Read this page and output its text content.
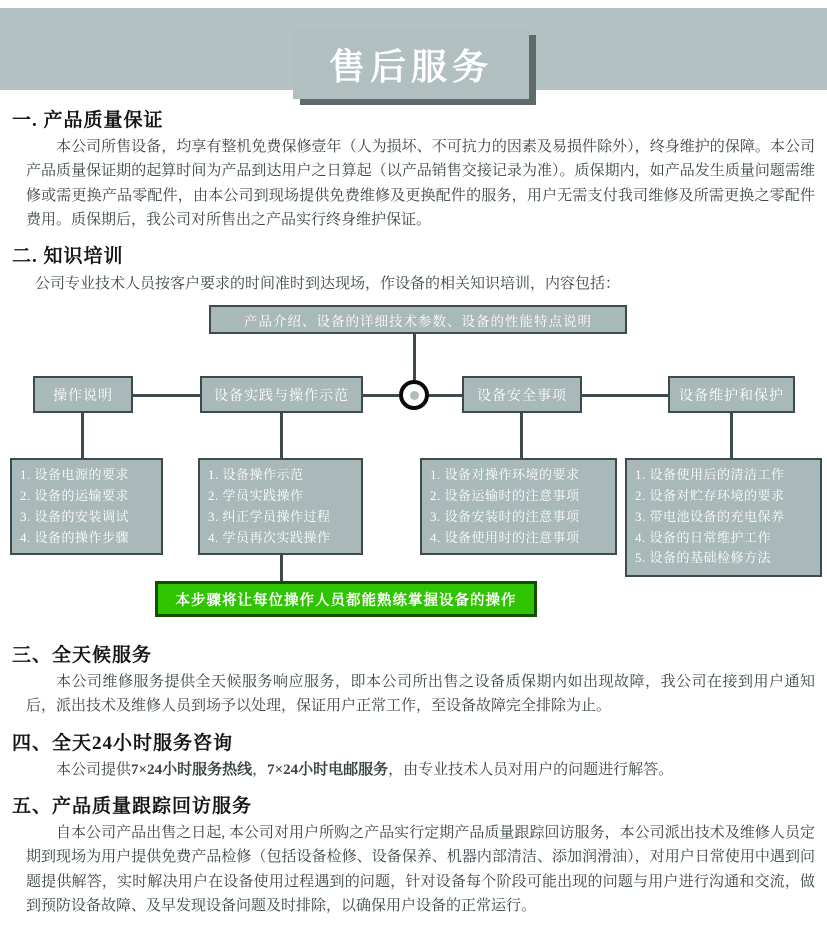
售后服务
一. 产品质量保证

本公司所售设备，均享有整机免费保修壹年（人为损坏、不可抗力的因素及易损件除外），终身维护的保障。本公司产品质量保证期的起算时间为产品到达用户之日算起（以产品销售交接记录为准）。质保期内，如产品发生质量问题需维修或需更换产品零配件，由本公司到现场提供免费维修及更换配件的服务，用户无需支付我司维修及所需更换之零配件费用。质保期后，我公司对所售出之产品实行终身维护保证。

二. 知识培训

公司专业技术人员按客户要求的时间准时到达现场，作设备的相关知识培训，内容包括：

产品介绍、设备的详细技术参数、设备的性能特点说明
操作说明	设备实践与操作示范	设备安全事项	设备维护和保护
1. 设备电源的要求
2. 设备的运输要求
3. 设备的安装调试
4. 设备的操作步骤
1. 设备操作示范
2. 学员实践操作
3. 纠正学员操作过程
4. 学员再次实践操作
1. 设备对操作环境的要求
2. 设备运输时的注意事项
3. 设备安装时的注意事项
4. 设备使用时的注意事项
1. 设备使用后的清洁工作
2. 设备对贮存环境的要求
3. 带电池设备的充电保养
4. 设备的日常维护工作
5. 设备的基础检修方法
本步骤将让每位操作人员都能熟练掌握设备的操作
三、全天候服务

本公司维修服务提供全天候服务响应服务，即本公司所出售之设备质保期内如出现故障，我公司在接到用户通知后，派出技术及维修人员到场予以处理，保证用户正常工作，至设备故障完全排除为止。

四、全天24小时服务咨询

本公司提供7×24小时服务热线，7×24小时电邮服务，由专业技术人员对用户的问题进行解答。

五、产品质量跟踪回访服务

自本公司产品出售之日起, 本公司对用户所购之产品实行定期产品质量跟踪回访服务，本公司派出技术及维修人员定期到现场为用户提供免费产品检修（包括设备检修、设备保养、机器内部清洁、添加润滑油），对用户日常使用中遇到问题提供解答，实时解决用户在设备使用过程遇到的问题，针对设备每个阶段可能出现的问题与用户进行沟通和交流，做到预防设备故障、及早发现设备问题及时排除，以确保用户设备的正常运行。
